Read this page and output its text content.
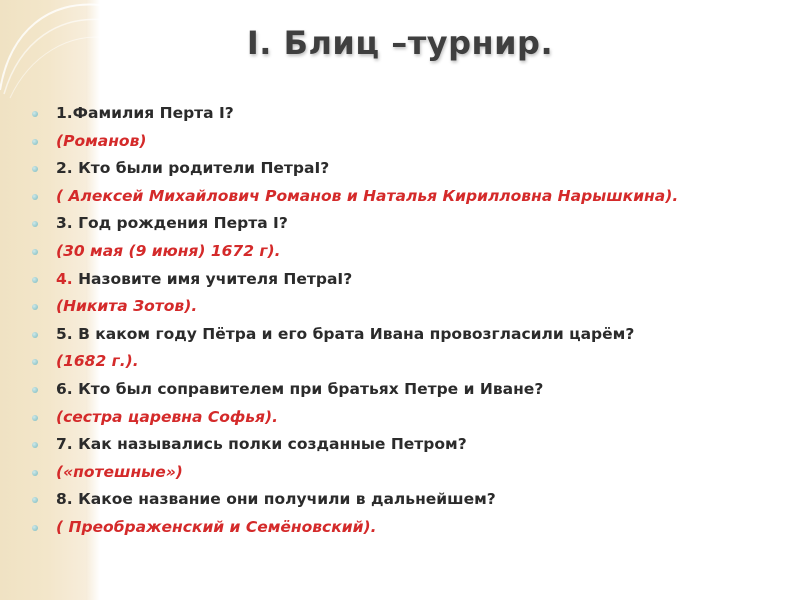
I. Блиц –турнир.
1.Фамилия Перта I?
(Романов)
2. Кто были родители ПетраI?
( Алексей Михайлович Романов и Наталья Кирилловна Нарышкина).
3. Год рождения Перта I?
(30 мая (9 июня) 1672 г).
4. Назовите имя учителя ПетраI?
(Никита Зотов).
5. В каком году Пётра и его брата Ивана провозгласили царём?
(1682 г.).
6. Кто был соправителем при братьях Петре и Иване?
(сестра царевна Софья).
7. Как назывались полки созданные Петром?
(«потешные»)
8. Какое название они получили в дальнейшем?
( Преображенский и Семёновский).
